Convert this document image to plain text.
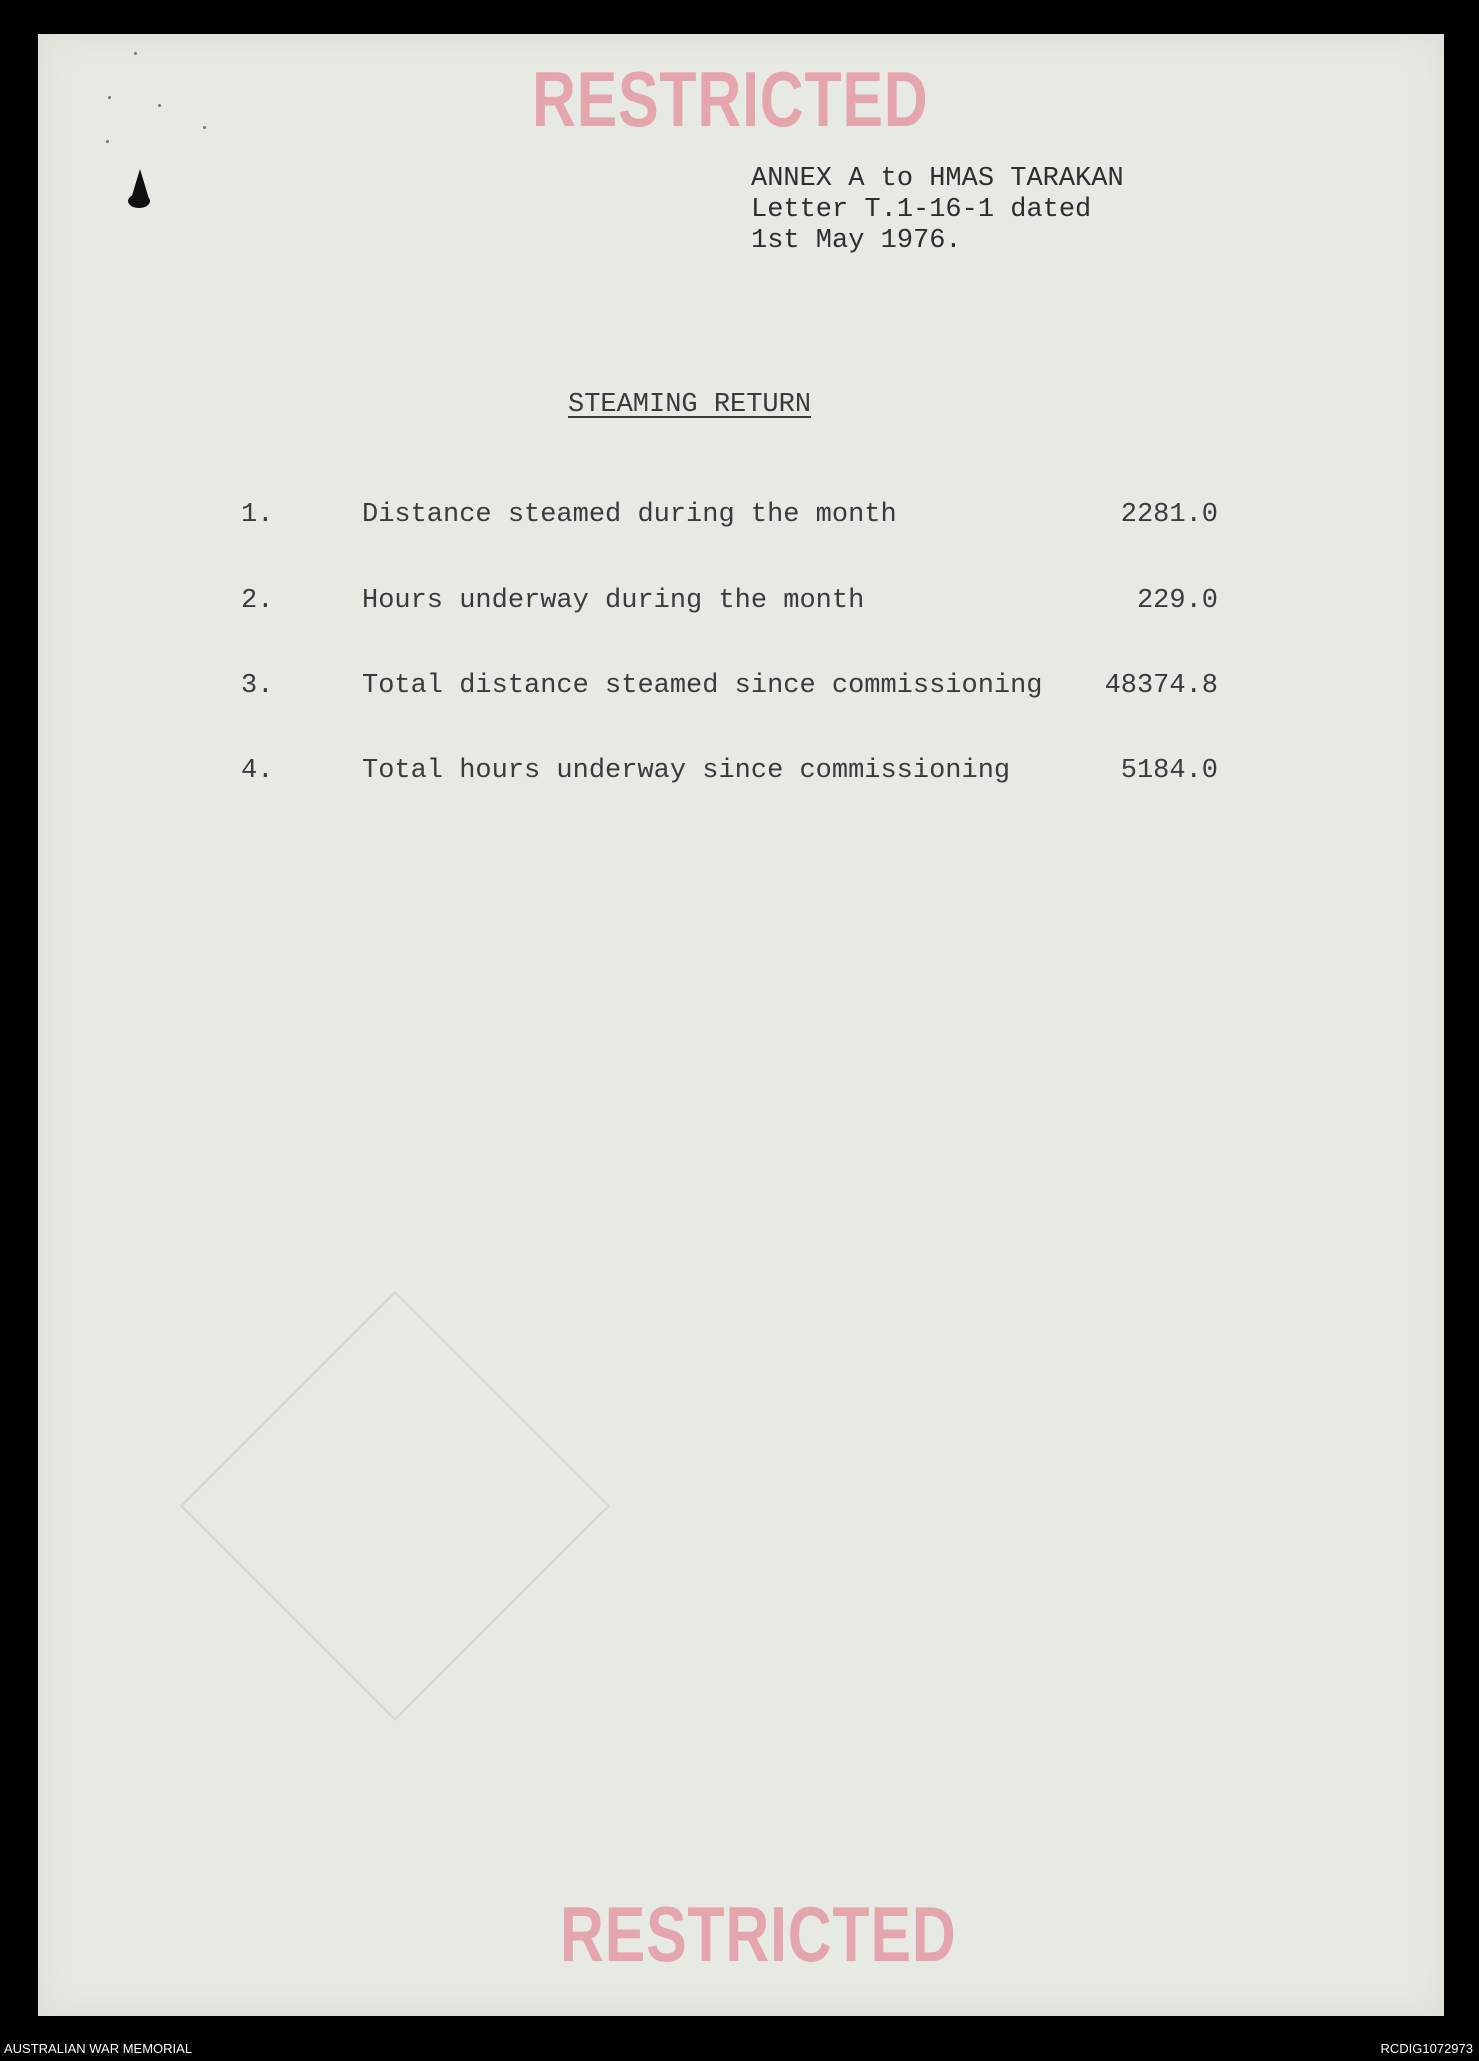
RESTRICTED
ANNEX A to HMAS TARAKAN
Letter T.1-16-1 dated
1st May 1976.
STEAMING RETURN
1.	Distance steamed during the month	2281.0
2.	Hours underway during the month	229.0
3.	Total distance steamed since commissioning 48374.8
4.	Total hours underway since commissioning	5184.0
RESTRICTED
AUSTRALIAN WAR MEMORIAL	RCDIG1072973
